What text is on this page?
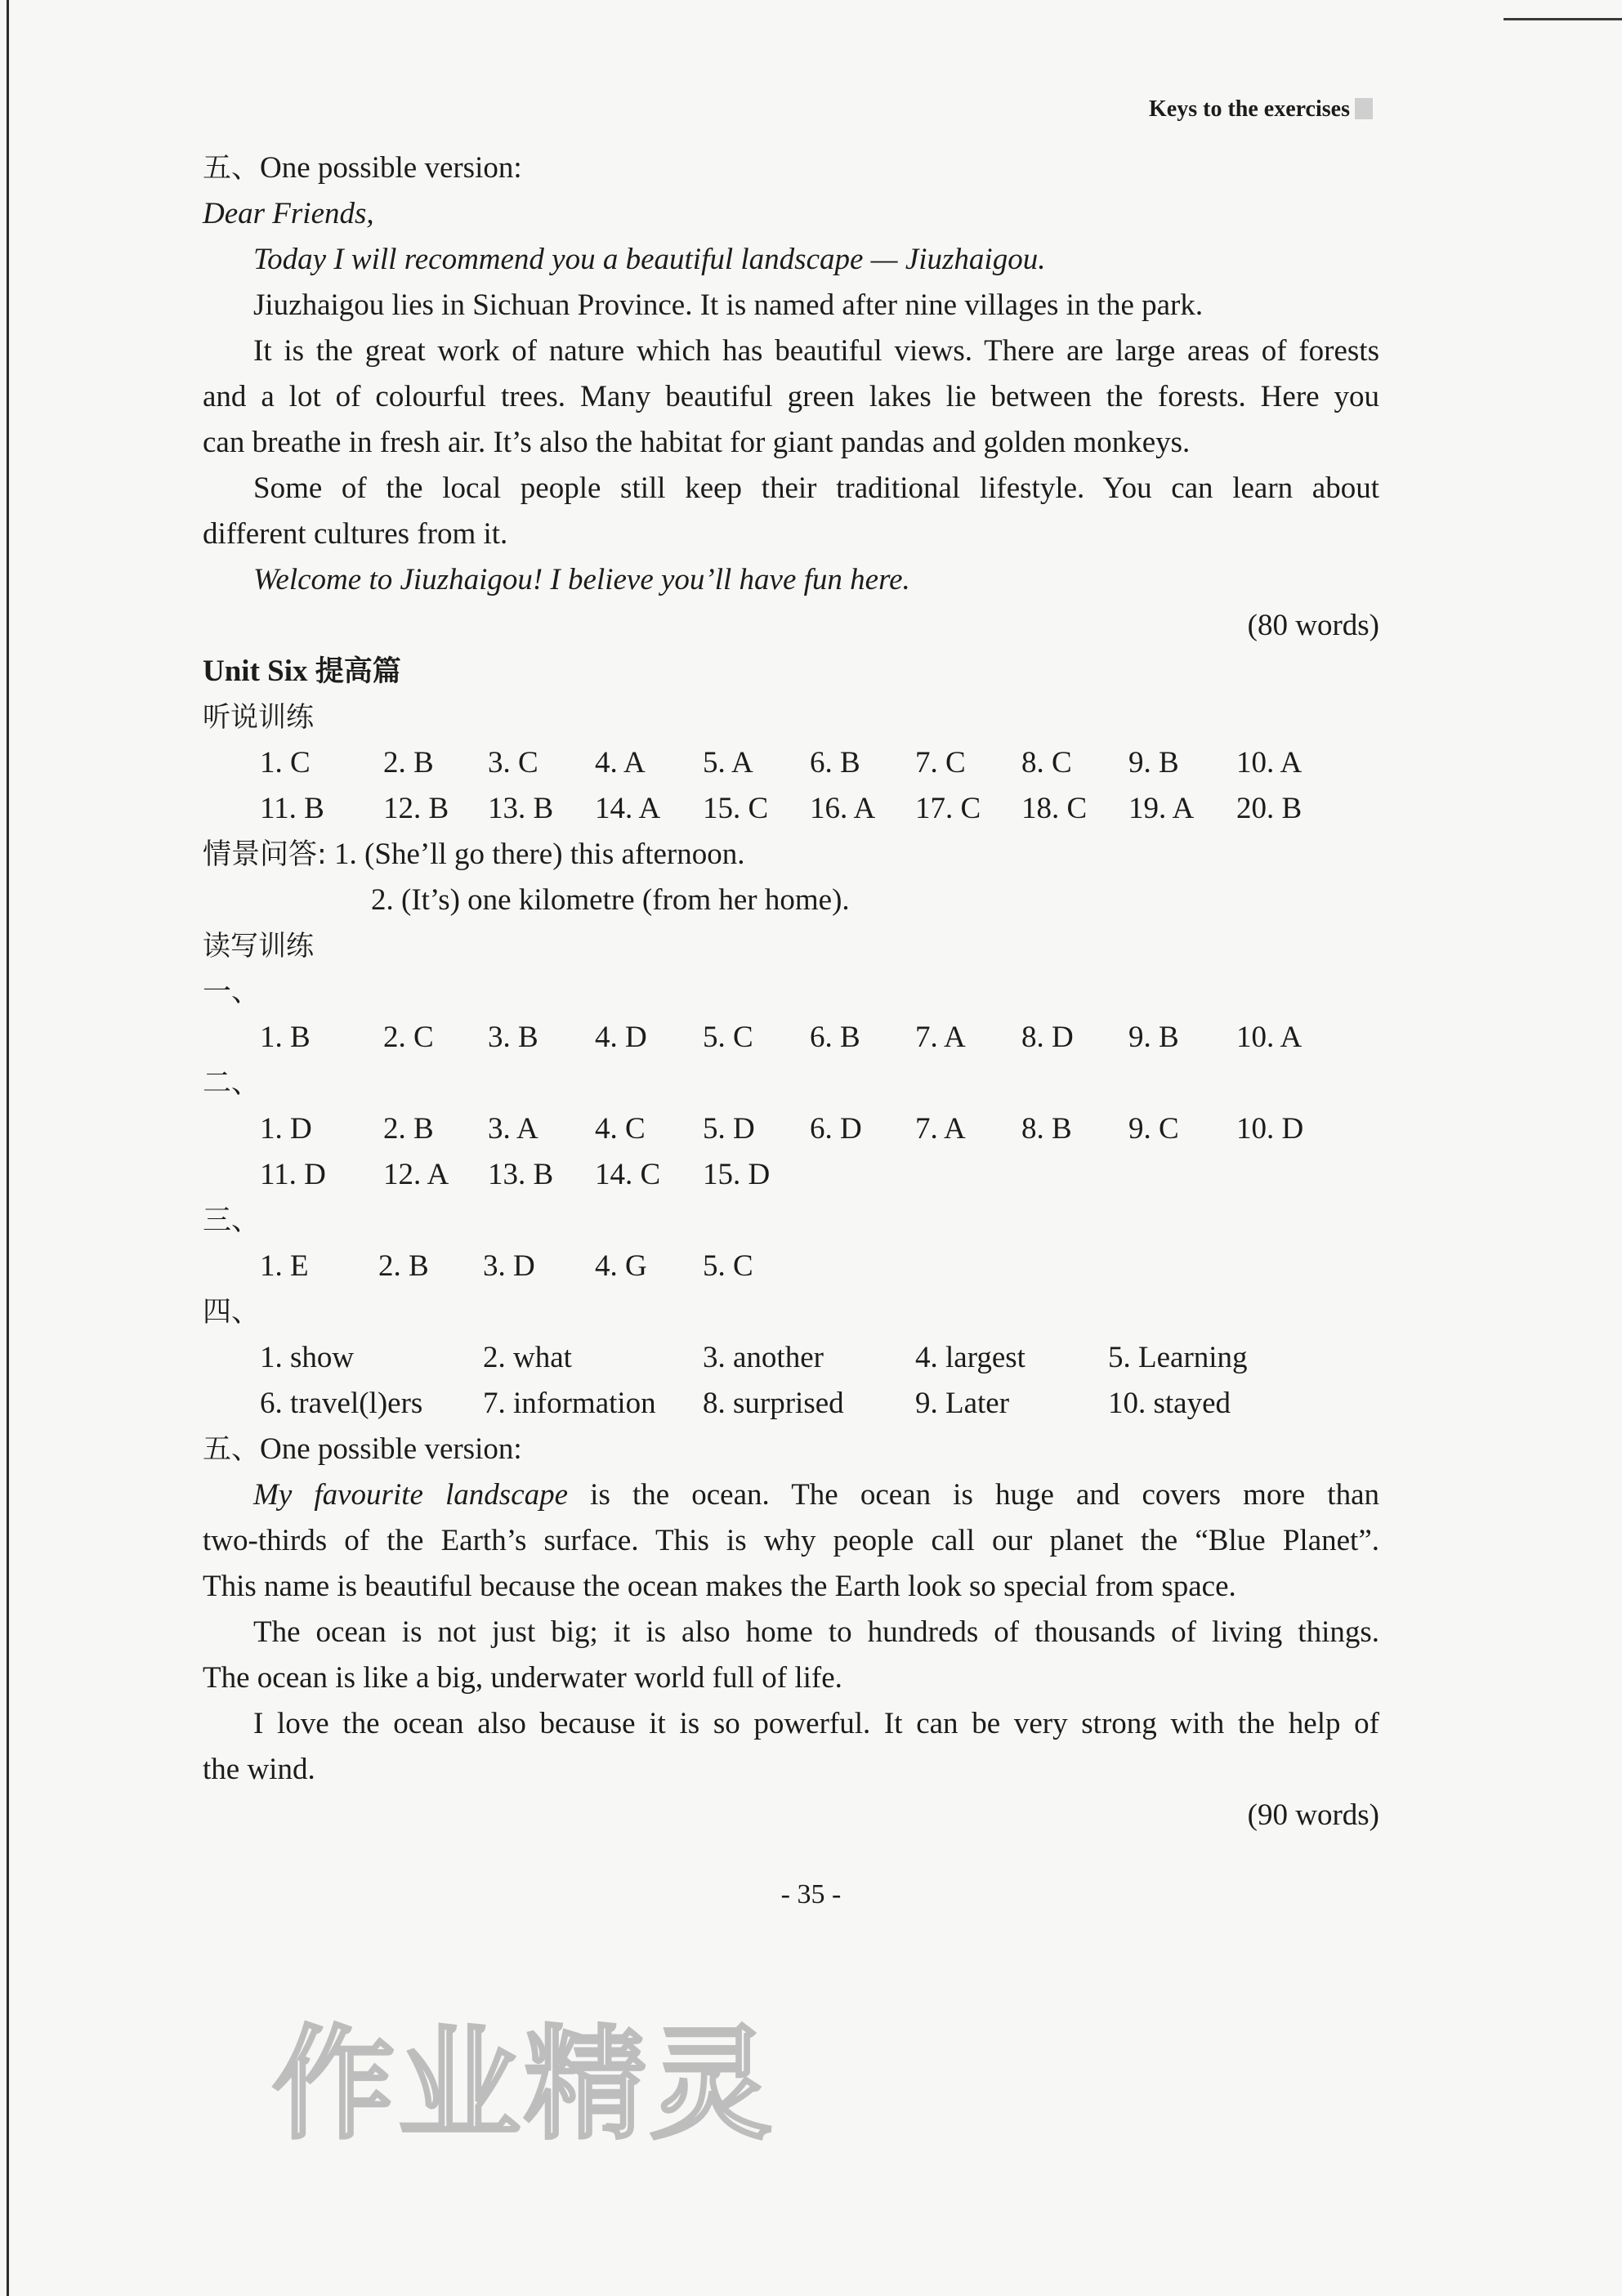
Keys to the exercises
五、One possible version:
Dear Friends,
Today I will recommend you a beautiful landscape — Jiuzhaigou.
Jiuzhaigou lies in Sichuan Province. It is named after nine villages in the park.
It is the great work of nature which has beautiful views. There are large areas of forests
and a lot of colourful trees. Many beautiful green lakes lie between the forests. Here you
can breathe in fresh air. It’s also the habitat for giant pandas and golden monkeys.
Some of the local people still keep their traditional lifestyle. You can learn about
different cultures from it.
Welcome to Jiuzhaigou! I believe you’ll have fun here.
(80 words)
Unit Six 提高篇
听说训练
1. C 2. B 3. C 4. A 5. A 6. B 7. C 8. C 9. B 10. A
11. B 12. B 13. B 14. A 15. C 16. A 17. C 18. C 19. A 20. B
情景问答: 1. (She’ll go there) this afternoon.
2. (It’s) one kilometre (from her home).
读写训练
一、
1. B 2. C 3. B 4. D 5. C 6. B 7. A 8. D 9. B 10. A
二、
1. D 2. B 3. A 4. C 5. D 6. D 7. A 8. B 9. C 10. D
11. D 12. A 13. B 14. C 15. D
三、
1. E 2. B 3. D 4. G 5. C
四、
1. show	2. what	3. another	4. largest	5. Learning
6. travel(l)ers 7. information 8. surprised 9. Later	10. stayed
五、One possible version:
My favourite landscape is the ocean. The ocean is huge and covers more than
two-thirds of the Earth’s surface. This is why people call our planet the “Blue Planet”.
This name is beautiful because the ocean makes the Earth look so special from space.
The ocean is not just big; it is also home to hundreds of thousands of living things.
The ocean is like a big, underwater world full of life.
I love the ocean also because it is so powerful. It can be very strong with the help of
the wind.
(90 words)
- 35 -
作业精灵
